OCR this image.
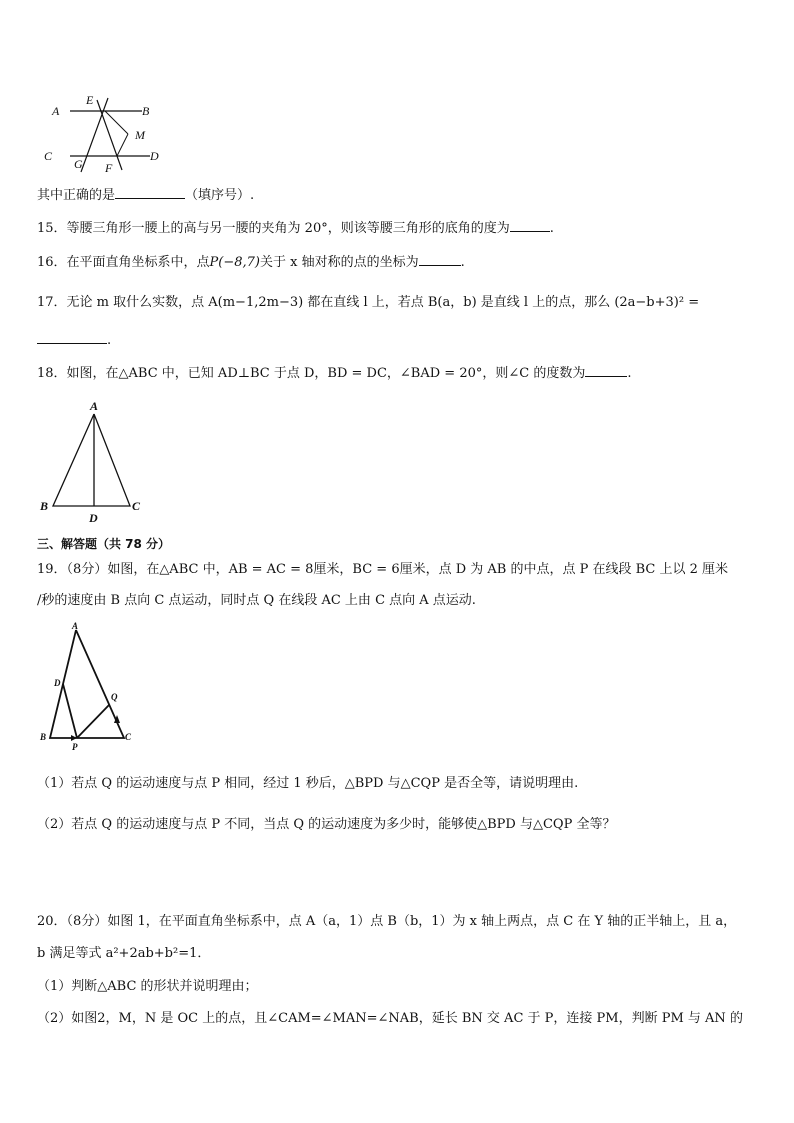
A
E
B
M
C
G F
D
其中正确的是	（填序号）.
15．等腰三角形一腰上的高与另一腰的夹角为 20°，则该等腰三角形的底角的度为	.
16．在平面直角坐标系中，点P(−8,7)关于 x 轴对称的点的坐标为	.
17．无论 m 取什么实数，点 A(m−1,2m−3) 都在直线 l 上，若点 B(a，b) 是直线 l 上的点，那么 (2a−b+3)² =
.
18．如图，在△ABC 中，已知 AD⊥BC 于点 D，BD = DC，∠BAD = 20°，则∠C 的度数为	.
A
B
D
C
三、解答题（共 78 分）
19．（8分）如图，在△ABC 中，AB = AC = 8厘米，BC = 6厘米，点 D 为 AB 的中点，点 P 在线段 BC 上以 2 厘米
/秒的速度由 B 点向 C 点运动，同时点 Q 在线段 AC 上由 C 点向 A 点运动.
A
D
Q
B
P
C
（1）若点 Q 的运动速度与点 P 相同，经过 1 秒后，△BPD 与△CQP 是否全等，请说明理由.
（2）若点 Q 的运动速度与点 P 不同，当点 Q 的运动速度为多少时，能够使△BPD 与△CQP 全等？
20．（8分）如图 1，在平面直角坐标系中，点 A（a，1）点 B（b，1）为 x 轴上两点，点 C 在 Y 轴的正半轴上，且 a，
b 满足等式 a²+2ab+b²=1．
（1）判断△ABC 的形状并说明理由；
（2）如图2，M，N 是 OC 上的点，且∠CAM=∠MAN=∠NAB，延长 BN 交 AC 于 P，连接 PM，判断 PM 与 AN 的
